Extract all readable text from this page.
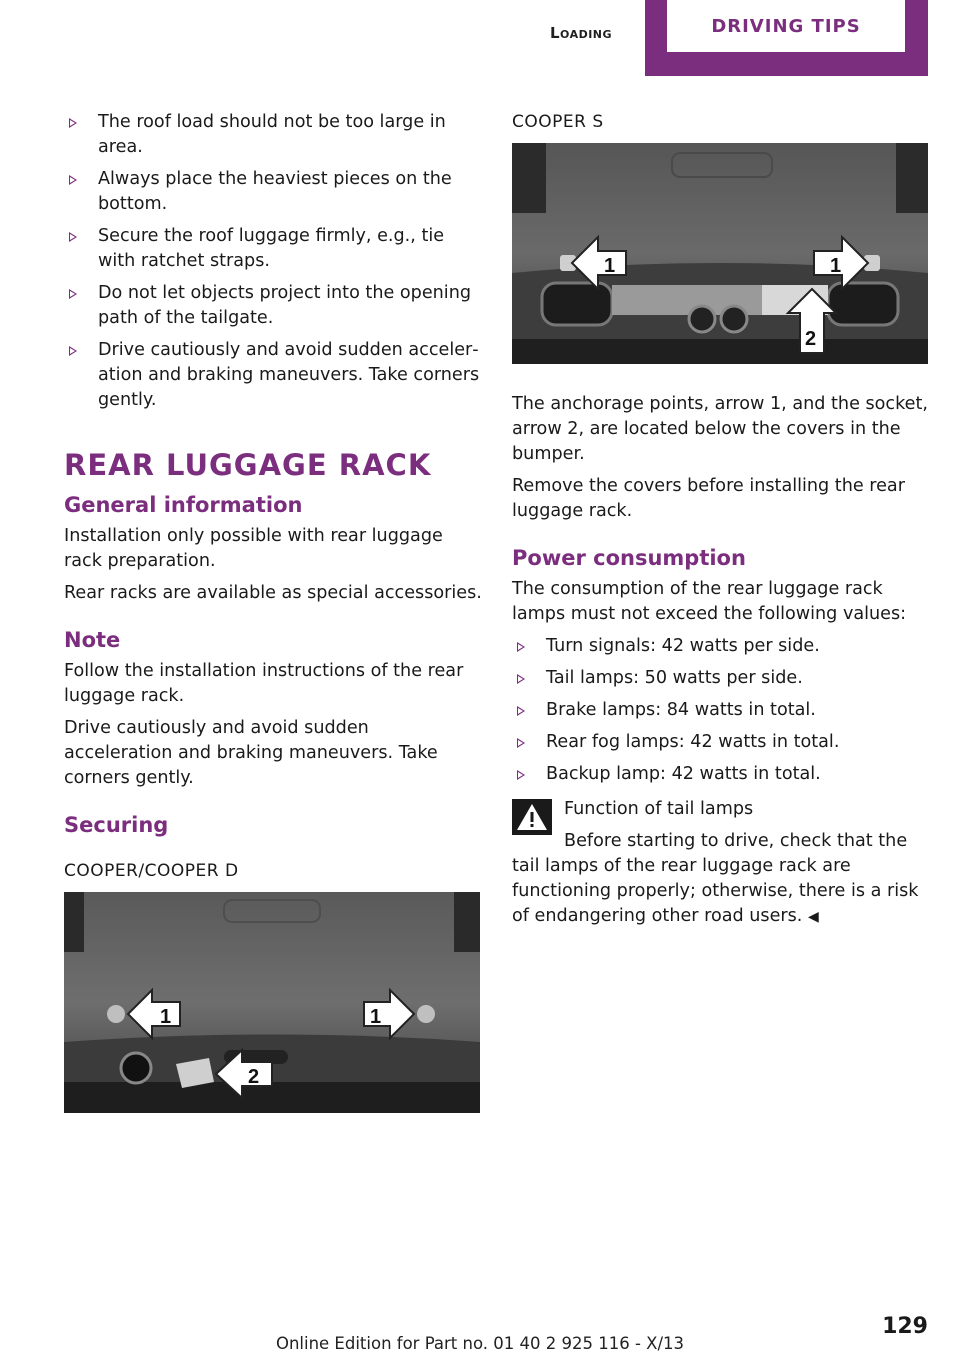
Loading	DRIVING TIPS
The roof load should not be too large in area.
Always place the heaviest pieces on the bottom.
Secure the roof luggage firmly, e.g., tie with ratchet straps.
Do not let objects project into the opening path of the tailgate.
Drive cautiously and avoid sudden acceleration and braking maneuvers. Take corners gently.
REAR LUGGAGE RACK
General information

Installation only possible with rear luggage rack preparation.

Rear racks are available as special accessories.

Note

Follow the installation instructions of the rear luggage rack.

Drive cautiously and avoid sudden acceleration and braking maneuvers. Take corners gently.

Securing
COOPER/COOPER D
1	1
2
COOPER S
1	1
2

The anchorage points, arrow 1, and the socket, arrow 2, are located below the covers in the bumper.

Remove the covers before installing the rear luggage rack.

Power consumption

The consumption of the rear luggage rack lamps must not exceed the following values:

Turn signals: 42 watts per side.
Tail lamps: 50 watts per side.
Brake lamps: 84 watts in total.
Rear fog lamps: 42 watts in total.
Backup lamp: 42 watts in total.
Function of tail lamps
Before starting to drive, check that the tail lamps of the rear luggage rack are functioning properly; otherwise, there is a risk of endangering other road users. ◀
129
Online Edition for Part no. 01 40 2 925 116 - X/13
